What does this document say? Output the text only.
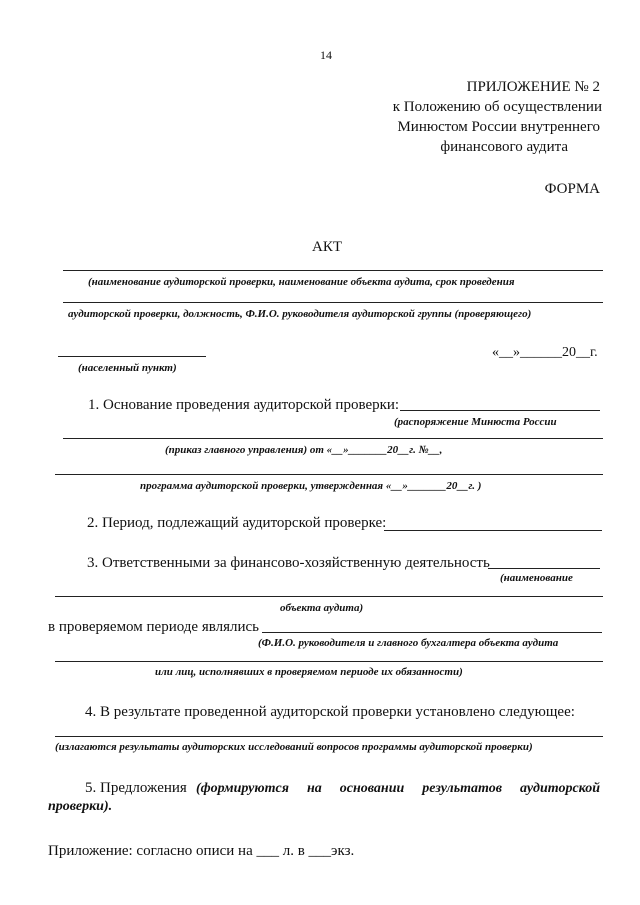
14
ПРИЛОЖЕНИЕ № 2
к Положению об осуществлении
Минюстом России внутреннего
финансового аудита
ФОРМА
АКТ
(наименование аудиторской проверки, наименование объекта аудита, срок проведения
аудиторской проверки, должность, Ф.И.О. руководителя аудиторской группы (проверяющего)
«__»______20__г.
(населенный пункт)
1. Основание проведения аудиторской проверки:
(распоряжение Минюста России
(приказ главного управления) от «__»_______20__г. №__,
программа аудиторской проверки, утвержденная «__»_______20__г. )
2. Период, подлежащий аудиторской проверке:
3. Ответственными за финансово-хозяйственную деятельность
(наименование
объекта аудита)
в проверяемом периоде являлись
(Ф.И.О. руководителя и главного бухгалтера объекта аудита
или лиц, исполнявших в проверяемом периоде их обязанности)
4. В результате проведенной аудиторской проверки установлено следующее:
(излагаются результаты аудиторских исследований вопросов программы аудиторской проверки)
5. Предложения (формируются на основании результатов аудиторской
проверки).
Приложение: согласно описи на ___ л. в ___экз.
